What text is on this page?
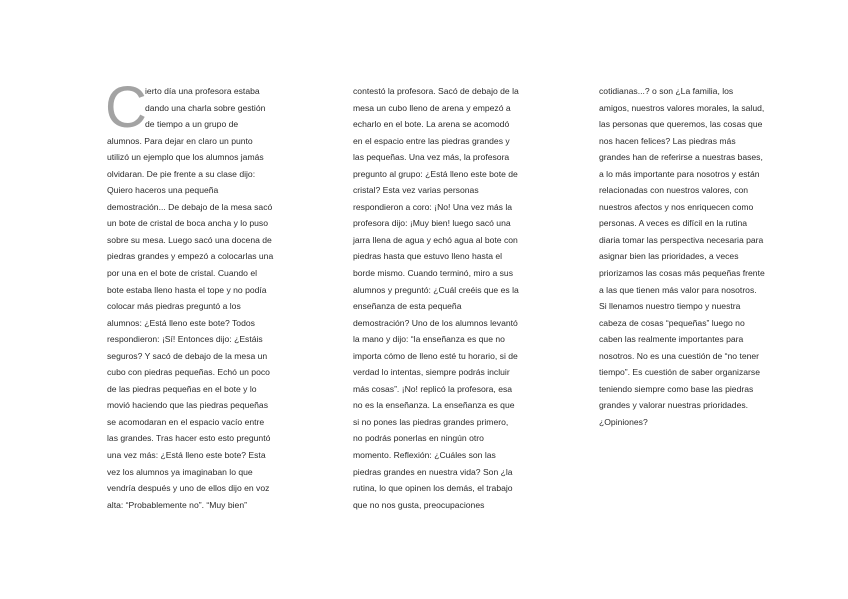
C
ierto día una profesora estaba
dando una charla sobre gestión
de tiempo a un grupo de
alumnos. Para dejar en claro un punto
utilizó un ejemplo que los alumnos jamás
olvidaran. De pie frente a su clase dijo:
Quiero haceros una pequeña
demostración... De debajo de la mesa sacó
un bote de cristal de boca ancha y lo puso
sobre su mesa. Luego sacó una docena de
piedras grandes y empezó a colocarlas una
por una en el bote de cristal. Cuando el
bote estaba lleno hasta el tope y no podía
colocar más piedras preguntó a los
alumnos: ¿Está lleno este bote? Todos
respondieron: ¡Sí! Entonces dijo: ¿Estáis
seguros? Y sacó de debajo de la mesa un
cubo con piedras pequeñas. Echó un poco
de las piedras pequeñas en el bote y lo
movió haciendo que las piedras pequeñas
se acomodaran en el espacio vacío entre
las grandes. Tras hacer esto esto preguntó
una vez más: ¿Está lleno este bote? Esta
vez los alumnos ya imaginaban lo que
vendría después y uno de ellos dijo en voz
alta: “Probablemente no”. “Muy bien”
contestó la profesora. Sacó de debajo de la
mesa un cubo lleno de arena y empezó a
echarlo en el bote. La arena se acomodó
en el espacio entre las piedras grandes y
las pequeñas. Una vez más, la profesora
pregunto al grupo: ¿Está lleno este bote de
cristal? Esta vez varias personas
respondieron a coro: ¡No! Una vez más la
profesora dijo: ¡Muy bien! luego sacó una
jarra llena de agua y echó agua al bote con
piedras hasta que estuvo lleno hasta el
borde mismo. Cuando terminó, miro a sus
alumnos y preguntó: ¿Cuál creéis que es la
enseñanza de esta pequeña
demostración? Uno de los alumnos levantó
la mano y dijo: “la enseñanza es que no
importa cómo de lleno esté tu horario, si de
verdad lo intentas, siempre podrás incluir
más cosas”. ¡No! replicó la profesora, esa
no es la enseñanza. La enseñanza es que
si no pones las piedras grandes primero,
no podrás ponerlas en ningún otro
momento. Reflexión: ¿Cuáles son las
piedras grandes en nuestra vida? Son ¿la
rutina, lo que opinen los demás, el trabajo
que no nos gusta, preocupaciones
cotidianas...? o son ¿La familia, los
amigos, nuestros valores morales, la salud,
las personas que queremos, las cosas que
nos hacen felices? Las piedras más
grandes han de referirse a nuestras bases,
a lo más importante para nosotros y están
relacionadas con nuestros valores, con
nuestros afectos y nos enriquecen como
personas. A veces es difícil en la rutina
diaria tomar las perspectiva necesaria para
asignar bien las prioridades, a veces
priorizamos las cosas más pequeñas frente
a las que tienen más valor para nosotros.
Si llenamos nuestro tiempo y nuestra
cabeza de cosas “pequeñas” luego no
caben las realmente importantes para
nosotros. No es una cuestión de “no tener
tiempo”. Es cuestión de saber organizarse
teniendo siempre como base las piedras
grandes y valorar nuestras prioridades.
¿Opiniones?
